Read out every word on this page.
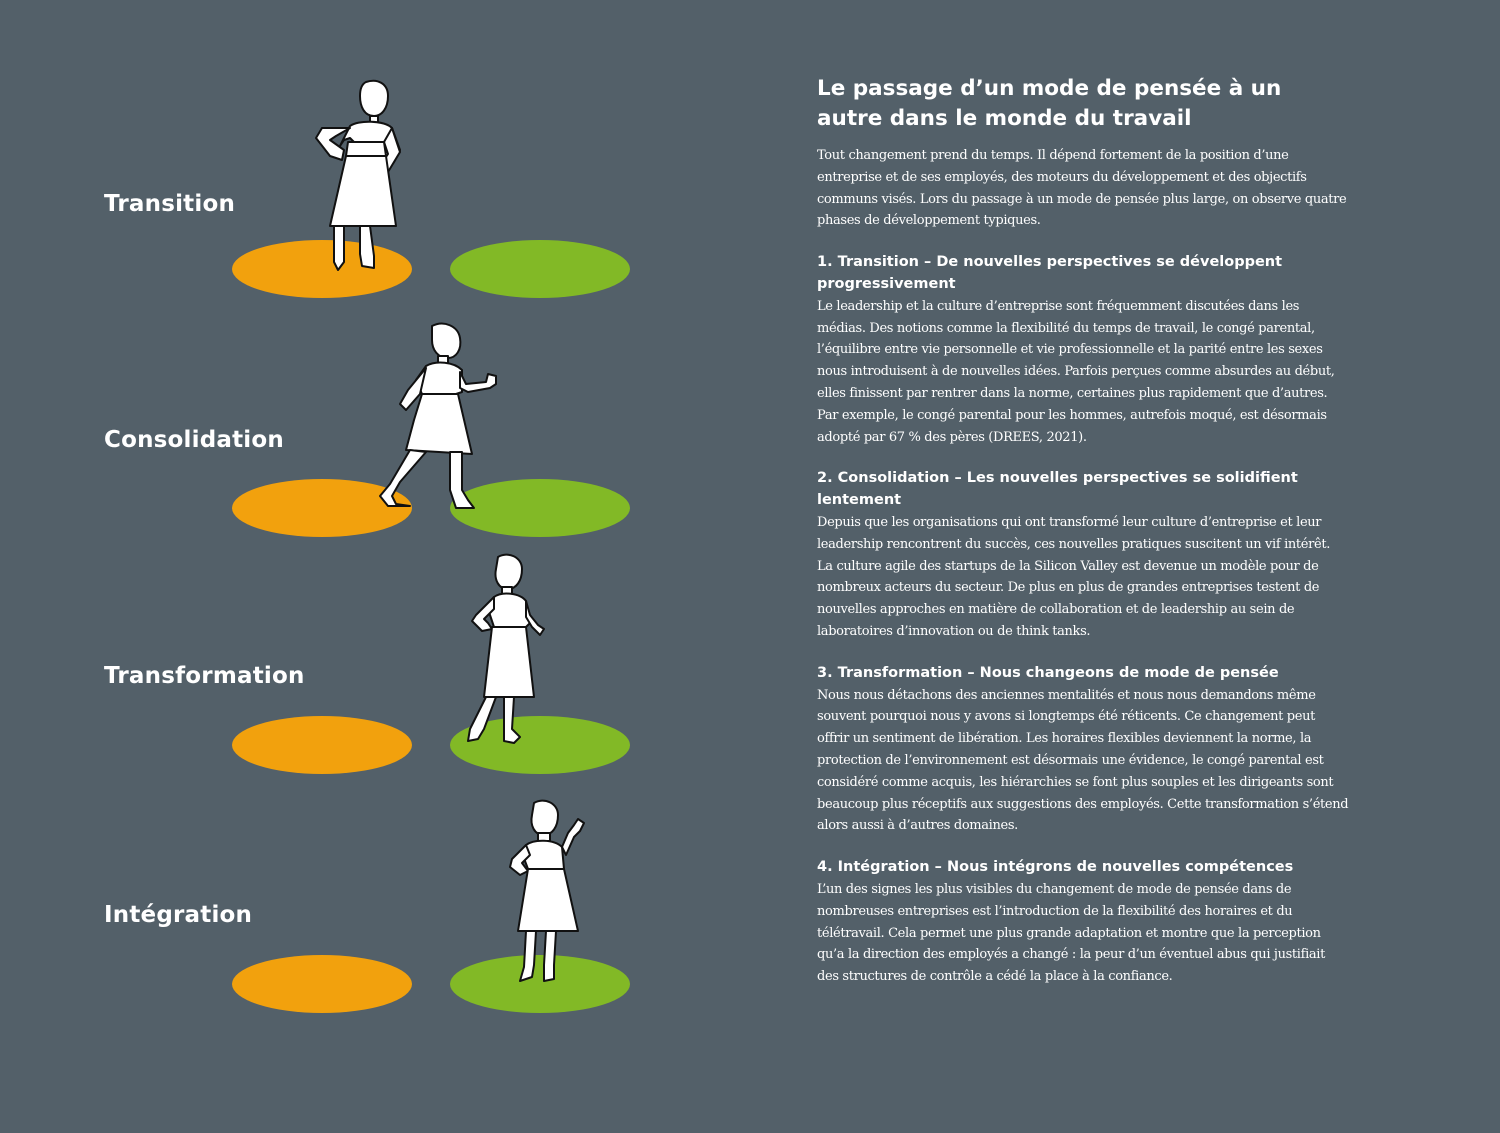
Transition
Consolidation
Transformation
Intégration
Le passage d’un mode de pensée à un autre dans le monde du travail

Tout changement prend du temps. Il dépend fortement de la position d’une entreprise et de ses employés, des moteurs du développement et des objectifs communs visés. Lors du passage à un mode de pensée plus large, on observe quatre phases de développement typiques.

1. Transition – De nouvelles perspectives se développent progressivement

Le leadership et la culture d’entreprise sont fréquemment discutées dans les médias. Des notions comme la flexibilité du temps de travail, le congé parental, l’équilibre entre vie personnelle et vie professionnelle et la parité entre les sexes nous introduisent à de nouvelles idées. Parfois perçues comme absurdes au début, elles finissent par rentrer dans la norme, certaines plus rapidement que d’autres. Par exemple, le congé parental pour les hommes, autrefois moqué, est désormais adopté par 67 % des pères (DREES, 2021).

2. Consolidation – Les nouvelles perspectives se solidifient lentement

Depuis que les organisations qui ont transformé leur culture d’entreprise et leur leadership rencontrent du succès, ces nouvelles pratiques suscitent un vif intérêt. La culture agile des startups de la Silicon Valley est devenue un modèle pour de nombreux acteurs du secteur. De plus en plus de grandes entreprises testent de nouvelles approches en matière de collaboration et de leadership au sein de laboratoires d’innovation ou de think tanks.

3. Transformation – Nous changeons de mode de pensée

Nous nous détachons des anciennes mentalités et nous nous demandons même souvent pourquoi nous y avons si longtemps été réticents. Ce changement peut offrir un sentiment de libération. Les horaires flexibles deviennent la norme, la protection de l’environnement est désormais une évidence, le congé parental est considéré comme acquis, les hiérarchies se font plus souples et les dirigeants sont beaucoup plus réceptifs aux suggestions des employés. Cette transformation s’étend alors aussi à d’autres domaines.

4. Intégration – Nous intégrons de nouvelles compétences

L’un des signes les plus visibles du changement de mode de pensée dans de nombreuses entreprises est l’introduction de la flexibilité des horaires et du télétravail. Cela permet une plus grande adaptation et montre que la perception qu’a la direction des employés a changé : la peur d’un éventuel abus qui justifiait des structures de contrôle a cédé la place à la confiance.
